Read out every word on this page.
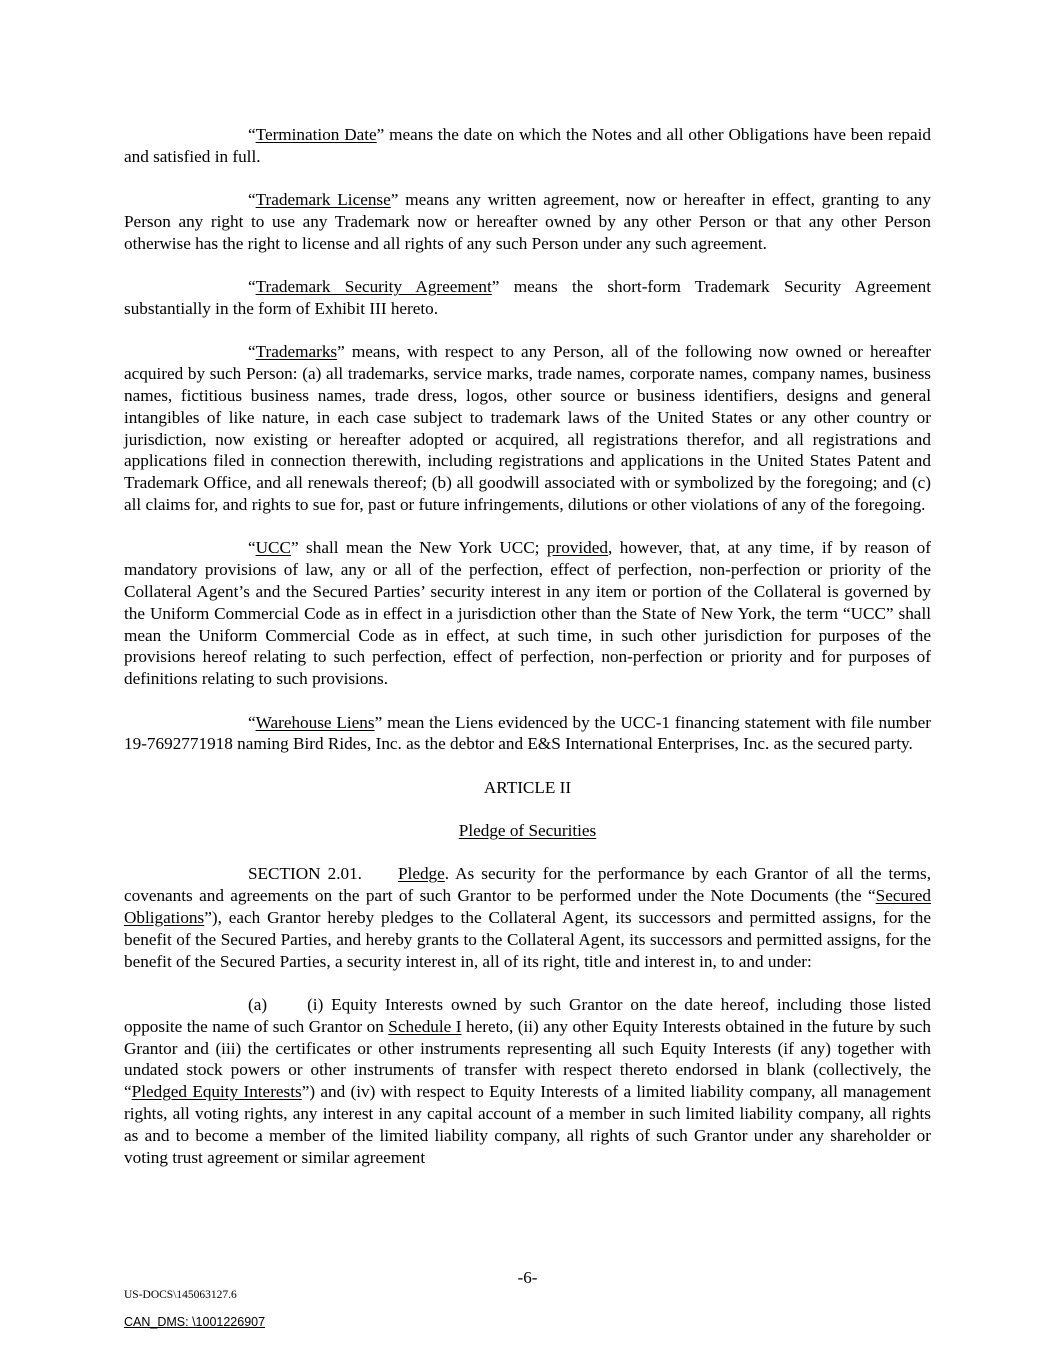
“Termination Date” means the date on which the Notes and all other Obligations have been repaid and satisfied in full.

“Trademark License” means any written agreement, now or hereafter in effect, granting to any Person any right to use any Trademark now or hereafter owned by any other Person or that any other Person otherwise has the right to license and all rights of any such Person under any such agreement.

“Trademark Security Agreement” means the short-form Trademark Security Agreement substantially in the form of Exhibit III hereto.

“Trademarks” means, with respect to any Person, all of the following now owned or hereafter acquired by such Person: (a) all trademarks, service marks, trade names, corporate names, company names, business names, fictitious business names, trade dress, logos, other source or business identifiers, designs and general intangibles of like nature, in each case subject to trademark laws of the United States or any other country or jurisdiction, now existing or hereafter adopted or acquired, all registrations therefor, and all registrations and applications filed in connection therewith, including registrations and applications in the United States Patent and Trademark Office, and all renewals thereof; (b) all goodwill associated with or symbolized by the foregoing; and (c) all claims for, and rights to sue for, past or future infringements, dilutions or other violations of any of the foregoing.

“UCC” shall mean the New York UCC; provided, however, that, at any time, if by reason of mandatory provisions of law, any or all of the perfection, effect of perfection, non-perfection or priority of the Collateral Agent’s and the Secured Parties’ security interest in any item or portion of the Collateral is governed by the Uniform Commercial Code as in effect in a jurisdiction other than the State of New York, the term “UCC” shall mean the Uniform Commercial Code as in effect, at such time, in such other jurisdiction for purposes of the provisions hereof relating to such perfection, effect of perfection, non-perfection or priority and for purposes of definitions relating to such provisions.

“Warehouse Liens” mean the Liens evidenced by the UCC-1 financing statement with file number 19-7692771918 naming Bird Rides, Inc. as the debtor and E&S International Enterprises, Inc. as the secured party.

ARTICLE II

Pledge of Securities

SECTION 2.01. Pledge. As security for the performance by each Grantor of all the terms, covenants and agreements on the part of such Grantor to be performed under the Note Documents (the “Secured Obligations”), each Grantor hereby pledges to the Collateral Agent, its successors and permitted assigns, for the benefit of the Secured Parties, and hereby grants to the Collateral Agent, its successors and permitted assigns, for the benefit of the Secured Parties, a security interest in, all of its right, title and interest in, to and under:

(a) (i) Equity Interests owned by such Grantor on the date hereof, including those listed opposite the name of such Grantor on Schedule I hereto, (ii) any other Equity Interests obtained in the future by such Grantor and (iii) the certificates or other instruments representing all such Equity Interests (if any) together with undated stock powers or other instruments of transfer with respect thereto endorsed in blank (collectively, the “Pledged Equity Interests”) and (iv) with respect to Equity Interests of a limited liability company, all management rights, all voting rights, any interest in any capital account of a member in such limited liability company, all rights as and to become a member of the limited liability company, all rights of such Grantor under any shareholder or voting trust agreement or similar agreement

-6-
US-DOCS\145063127.6
CAN_DMS: \1001226907
